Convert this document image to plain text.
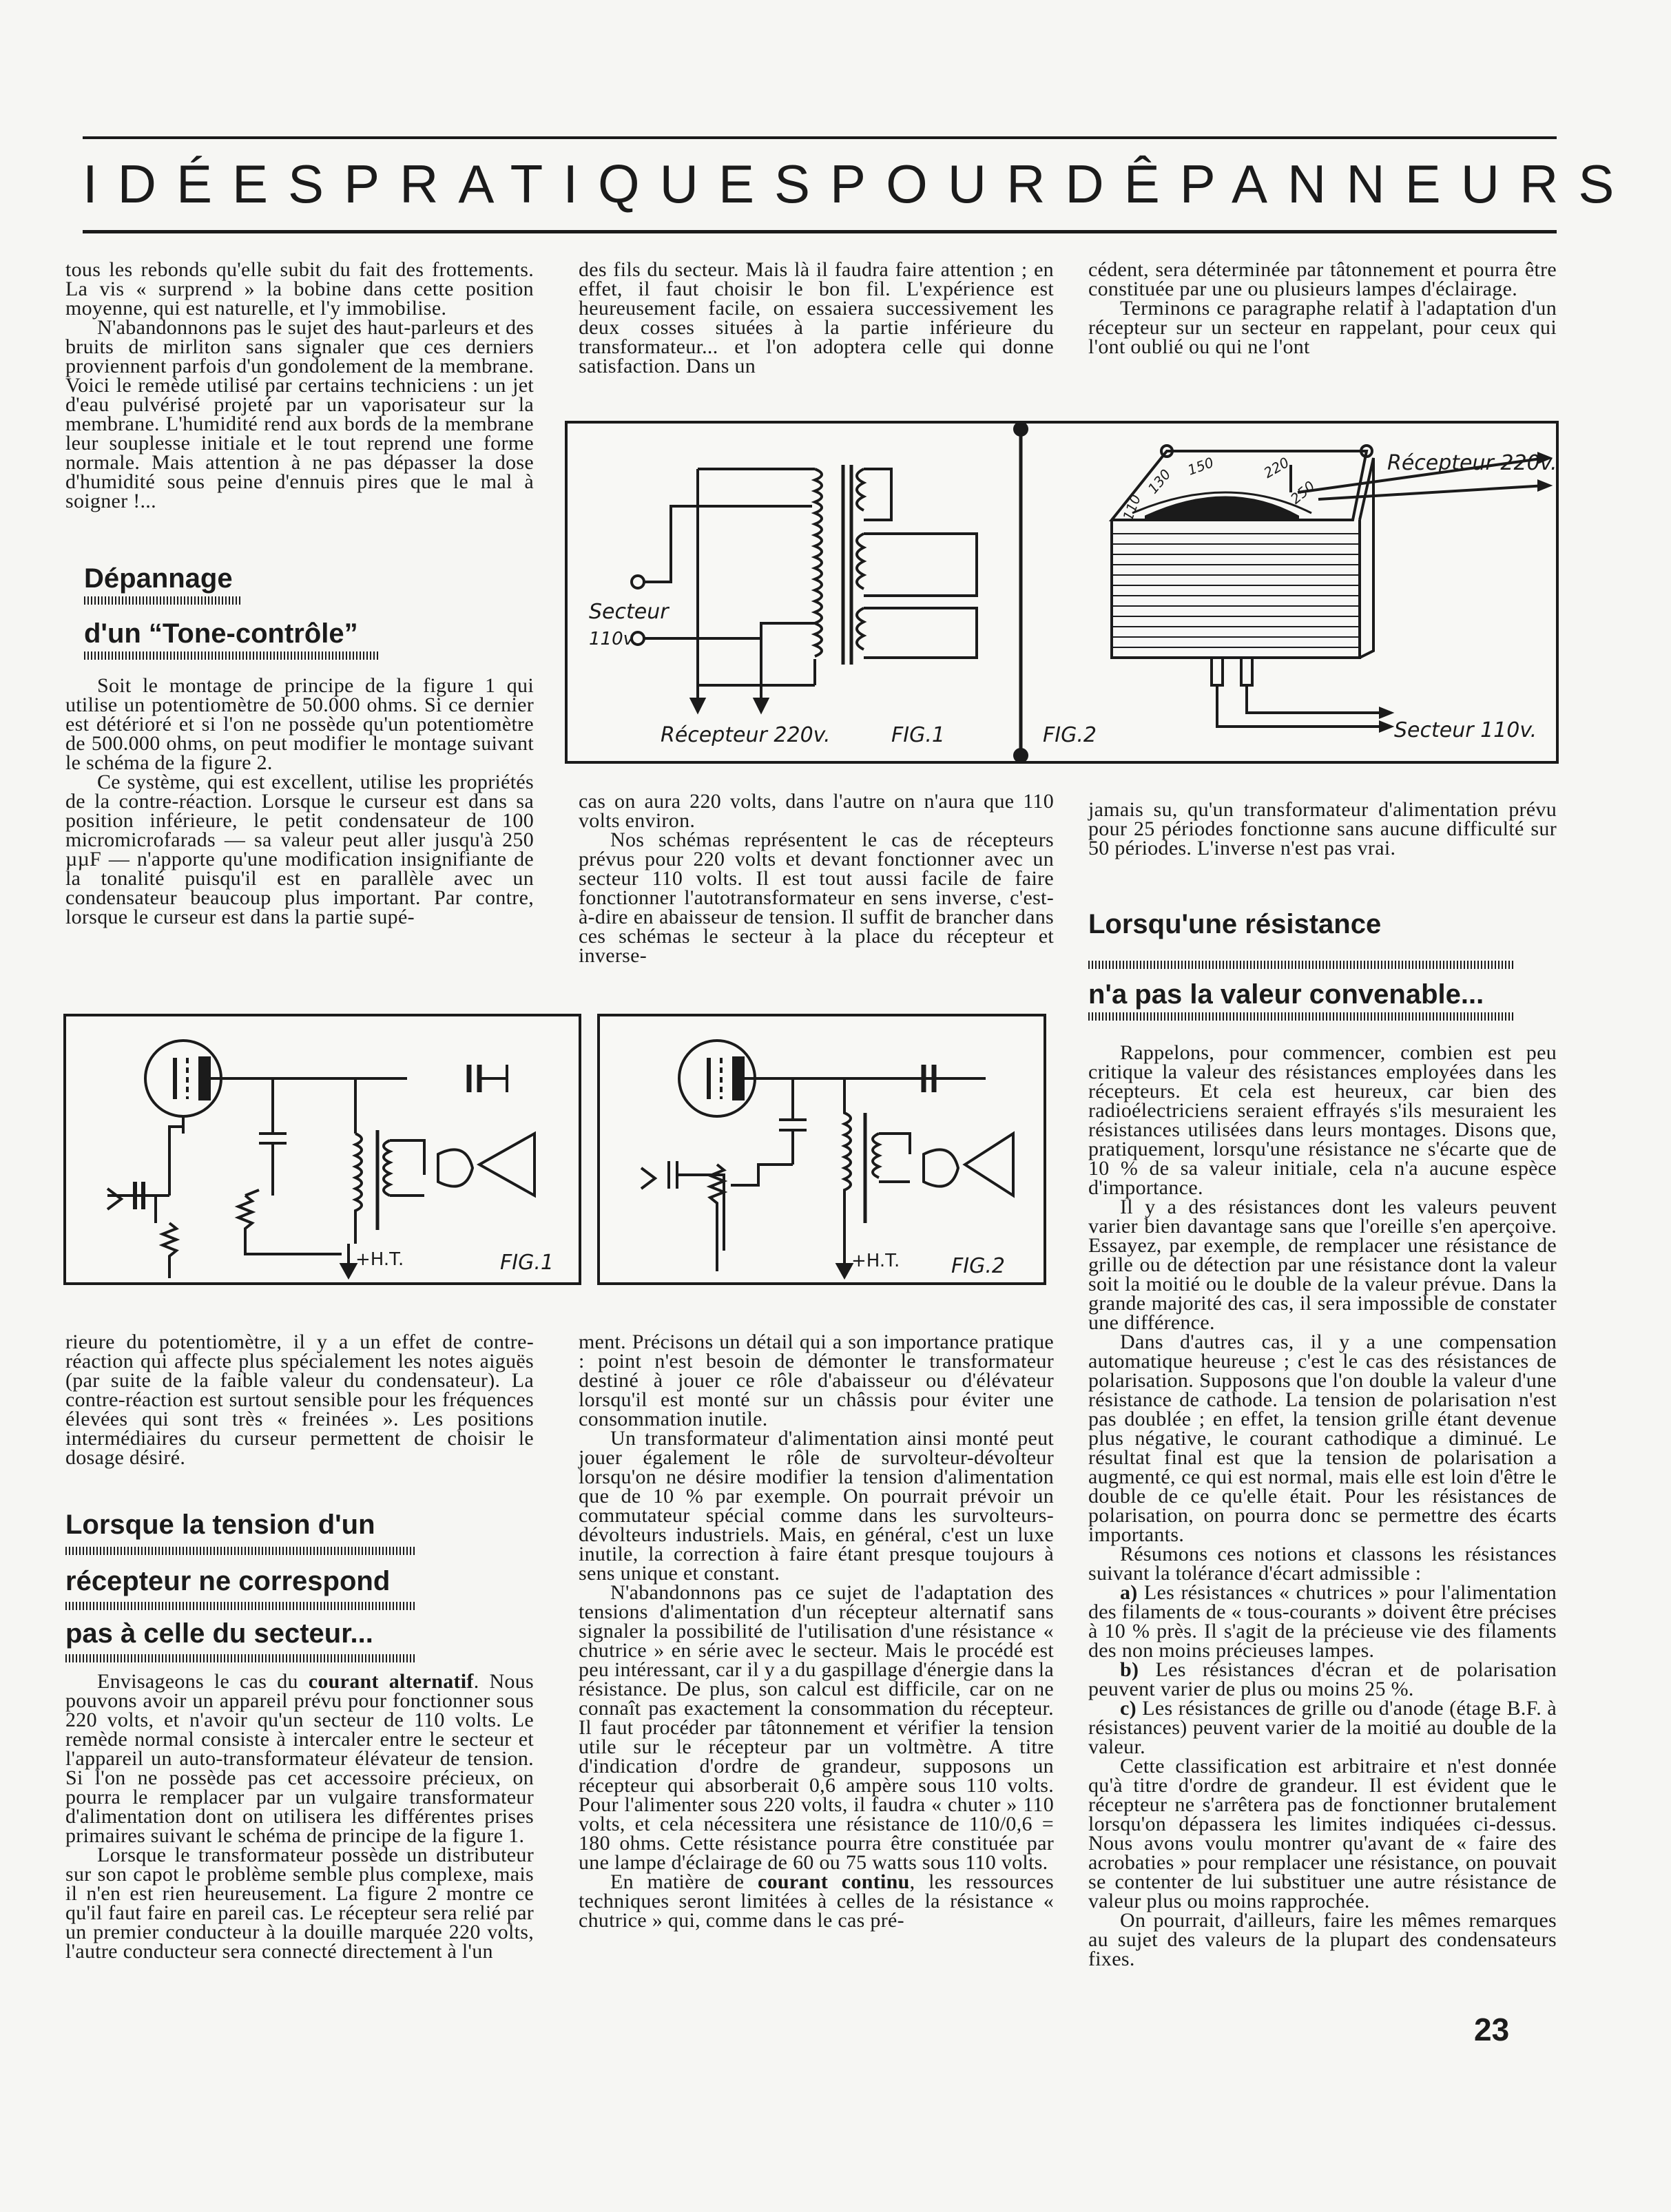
IDÉES PRATIQUES POUR DÊPANNEURS

tous les rebonds qu'elle subit du fait des frottements. La vis « surprend » la bobine dans cette position moyenne, qui est naturelle, et l'y immobilise.

N'abandonnons pas le sujet des haut-parleurs et des bruits de mirliton sans signaler que ces derniers proviennent parfois d'un gondolement de la membrane. Voici le remède utilisé par certains techniciens : un jet d'eau pulvérisé projeté par un vaporisateur sur la membrane. L'humidité rend aux bords de la membrane leur souplesse initiale et le tout reprend une forme normale. Mais attention à ne pas dépasser la dose d'humidité sous peine d'ennuis pires que le mal à soigner !...

Dépannage
d'un “Tone-contrôle”

Soit le montage de principe de la figure 1 qui utilise un potentiomètre de 50.000 ohms. Si ce dernier est détérioré et si l'on ne possède qu'un potentiomètre de 500.000 ohms, on peut modifier le montage suivant le schéma de la figure 2.

Ce système, qui est excellent, utilise les propriétés de la contre-réaction. Lorsque le curseur est dans sa position inférieure, le petit condensateur de 100 micromicrofarads — sa valeur peut aller jusqu'à 250 µµF — n'apporte qu'une modification insignifiante de la tonalité puisqu'il est en parallèle avec un condensateur beaucoup plus important. Par contre, lorsque le curseur est dans la partie supé-

des fils du secteur. Mais là il faudra faire attention ; en effet, il faut choisir le bon fil. L'expérience est heureusement facile, on essaiera successivement les deux cosses situées à la partie inférieure du transformateur... et l'on adoptera celle qui donne satisfaction. Dans un

cédent, sera déterminée par tâtonnement et pourra être constituée par une ou plusieurs lampes d'éclairage.

Terminons ce paragraphe relatif à l'adaptation d'un récepteur sur un secteur en rappelant, pour ceux qui l'ont oublié ou qui ne l'ont

Secteur
110v.
Récepteur 220v.	FIG.1	FIG.2
Récepteur 220v.
Secteur 110v.
110
130 150	220
250

cas on aura 220 volts, dans l'autre on n'aura que 110 volts environ.

Nos schémas représentent le cas de récepteurs prévus pour 220 volts et devant fonctionner avec un secteur 110 volts. Il est tout aussi facile de faire fonctionner l'autotransformateur en sens inverse, c'est-à-dire en abaisseur de tension. Il suffit de brancher dans ces schémas le secteur à la place du récepteur et inverse-

jamais su, qu'un transformateur d'alimentation prévu pour 25 périodes fonctionne sans aucune difficulté sur 50 périodes. L'inverse n'est pas vrai.

Lorsqu'une résistance
n'a pas la valeur convenable...

Rappelons, pour commencer, combien est peu critique la valeur des résistances employées dans les récepteurs. Et cela est heureux, car bien des radioélectriciens seraient effrayés s'ils mesuraient les résistances utilisées dans leurs montages. Disons que, pratiquement, lorsqu'une résistance ne s'écarte que de 10 % de sa valeur initiale, cela n'a aucune espèce d'importance.

Il y a des résistances dont les valeurs peuvent varier bien davantage sans que l'oreille s'en aperçoive. Essayez, par exemple, de remplacer une résistance de grille ou de détection par une résistance dont la valeur soit la moitié ou le double de la valeur prévue. Dans la grande majorité des cas, il sera impossible de constater une différence.

Dans d'autres cas, il y a une compensation automatique heureuse ; c'est le cas des résistances de polarisation. Supposons que l'on double la valeur d'une résistance de cathode. La tension de polarisation n'est pas doublée ; en effet, la tension grille étant devenue plus négative, le courant cathodique a diminué. Le résultat final est que la tension de polarisation a augmenté, ce qui est normal, mais elle est loin d'être le double de ce qu'elle était. Pour les résistances de polarisation, on pourra donc se permettre des écarts importants.

Résumons ces notions et classons les résistances suivant la tolérance d'écart admissible :

a) Les résistances « chutrices » pour l'alimentation des filaments de « tous-courants » doivent être précises à 10 % près. Il s'agit de la précieuse vie des filaments des non moins précieuses lampes.

b) Les résistances d'écran et de polarisation peuvent varier de plus ou moins 25 %.

c) Les résistances de grille ou d'anode (étage B.F. à résistances) peuvent varier de la moitié au double de la valeur.

Cette classification est arbitraire et n'est donnée qu'à titre d'ordre de grandeur. Il est évident que le récepteur ne s'arrêtera pas de fonctionner brutalement lorsqu'on dépassera les limites indiquées ci-dessus. Nous avons voulu montrer qu'avant de « faire des acrobaties » pour remplacer une résistance, on pouvait se contenter de lui substituer une autre résistance de valeur plus ou moins rapprochée.

On pourrait, d'ailleurs, faire les mêmes remarques au sujet des valeurs de la plupart des condensateurs fixes.

+H.T.	FIG.1	+H.T. FIG.2

rieure du potentiomètre, il y a un effet de contre-réaction qui affecte plus spécialement les notes aiguës (par suite de la faible valeur du condensateur). La contre-réaction est surtout sensible pour les fréquences élevées qui sont très « freinées ». Les positions intermédiaires du curseur permettent de choisir le dosage désiré.

Lorsque la tension d'un
récepteur ne correspond
pas à celle du secteur...

Envisageons le cas du courant alternatif. Nous pouvons avoir un appareil prévu pour fonctionner sous 220 volts, et n'avoir qu'un secteur de 110 volts. Le remède normal consiste à intercaler entre le secteur et l'appareil un auto-transformateur élévateur de tension. Si l'on ne possède pas cet accessoire précieux, on pourra le remplacer par un vulgaire transformateur d'alimentation dont on utilisera les différentes prises primaires suivant le schéma de principe de la figure 1.

Lorsque le transformateur possède un distributeur sur son capot le problème semble plus complexe, mais il n'en est rien heureusement. La figure 2 montre ce qu'il faut faire en pareil cas. Le récepteur sera relié par un premier conducteur à la douille marquée 220 volts, l'autre conducteur sera connecté directement à l'un

ment. Précisons un détail qui a son importance pratique : point n'est besoin de démonter le transformateur destiné à jouer ce rôle d'abaisseur ou d'élévateur lorsqu'il est monté sur un châssis pour éviter une consommation inutile.

Un transformateur d'alimentation ainsi monté peut jouer également le rôle de survolteur-dévolteur lorsqu'on ne désire modifier la tension d'alimentation que de 10 % par exemple. On pourrait prévoir un commutateur spécial comme dans les survolteurs-dévolteurs industriels. Mais, en général, c'est un luxe inutile, la correction à faire étant presque toujours à sens unique et constant.

N'abandonnons pas ce sujet de l'adaptation des tensions d'alimentation d'un récepteur alternatif sans signaler la possibilité de l'utilisation d'une résistance « chutrice » en série avec le secteur. Mais le procédé est peu intéressant, car il y a du gaspillage d'énergie dans la résistance. De plus, son calcul est difficile, car on ne connaît pas exactement la consommation du récepteur. Il faut procéder par tâtonnement et vérifier la tension utile sur le récepteur par un voltmètre. A titre d'indication d'ordre de grandeur, supposons un récepteur qui absorberait 0,6 ampère sous 110 volts. Pour l'alimenter sous 220 volts, il faudra « chuter » 110 volts, et cela nécessitera une résistance de 110/0,6 = 180 ohms. Cette résistance pourra être constituée par une lampe d'éclairage de 60 ou 75 watts sous 110 volts.

En matière de courant continu, les ressources techniques seront limitées à celles de la résistance « chutrice » qui, comme dans le cas pré-

23
